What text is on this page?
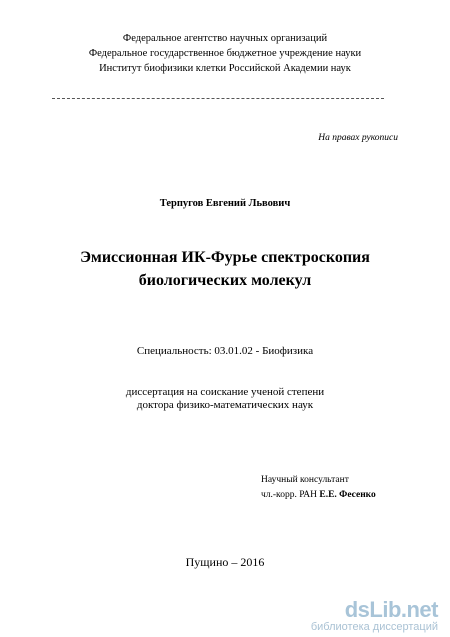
Федеральное агентство научных организаций
Федеральное государственное бюджетное учреждение науки
Институт биофизики клетки Российской Академии наук
На правах рукописи
Терпугов Евгений Львович
Эмиссионная ИК-Фурье спектроскопия
биологических молекул
Специальность: 03.01.02 - Биофизика
диссертация на соискание ученой степени
доктора физико-математических наук
Научный консультант
чл.-корр. РАН Е.Е. Фесенко
Пущино – 2016
dsLib.net
библиотека диссертаций
